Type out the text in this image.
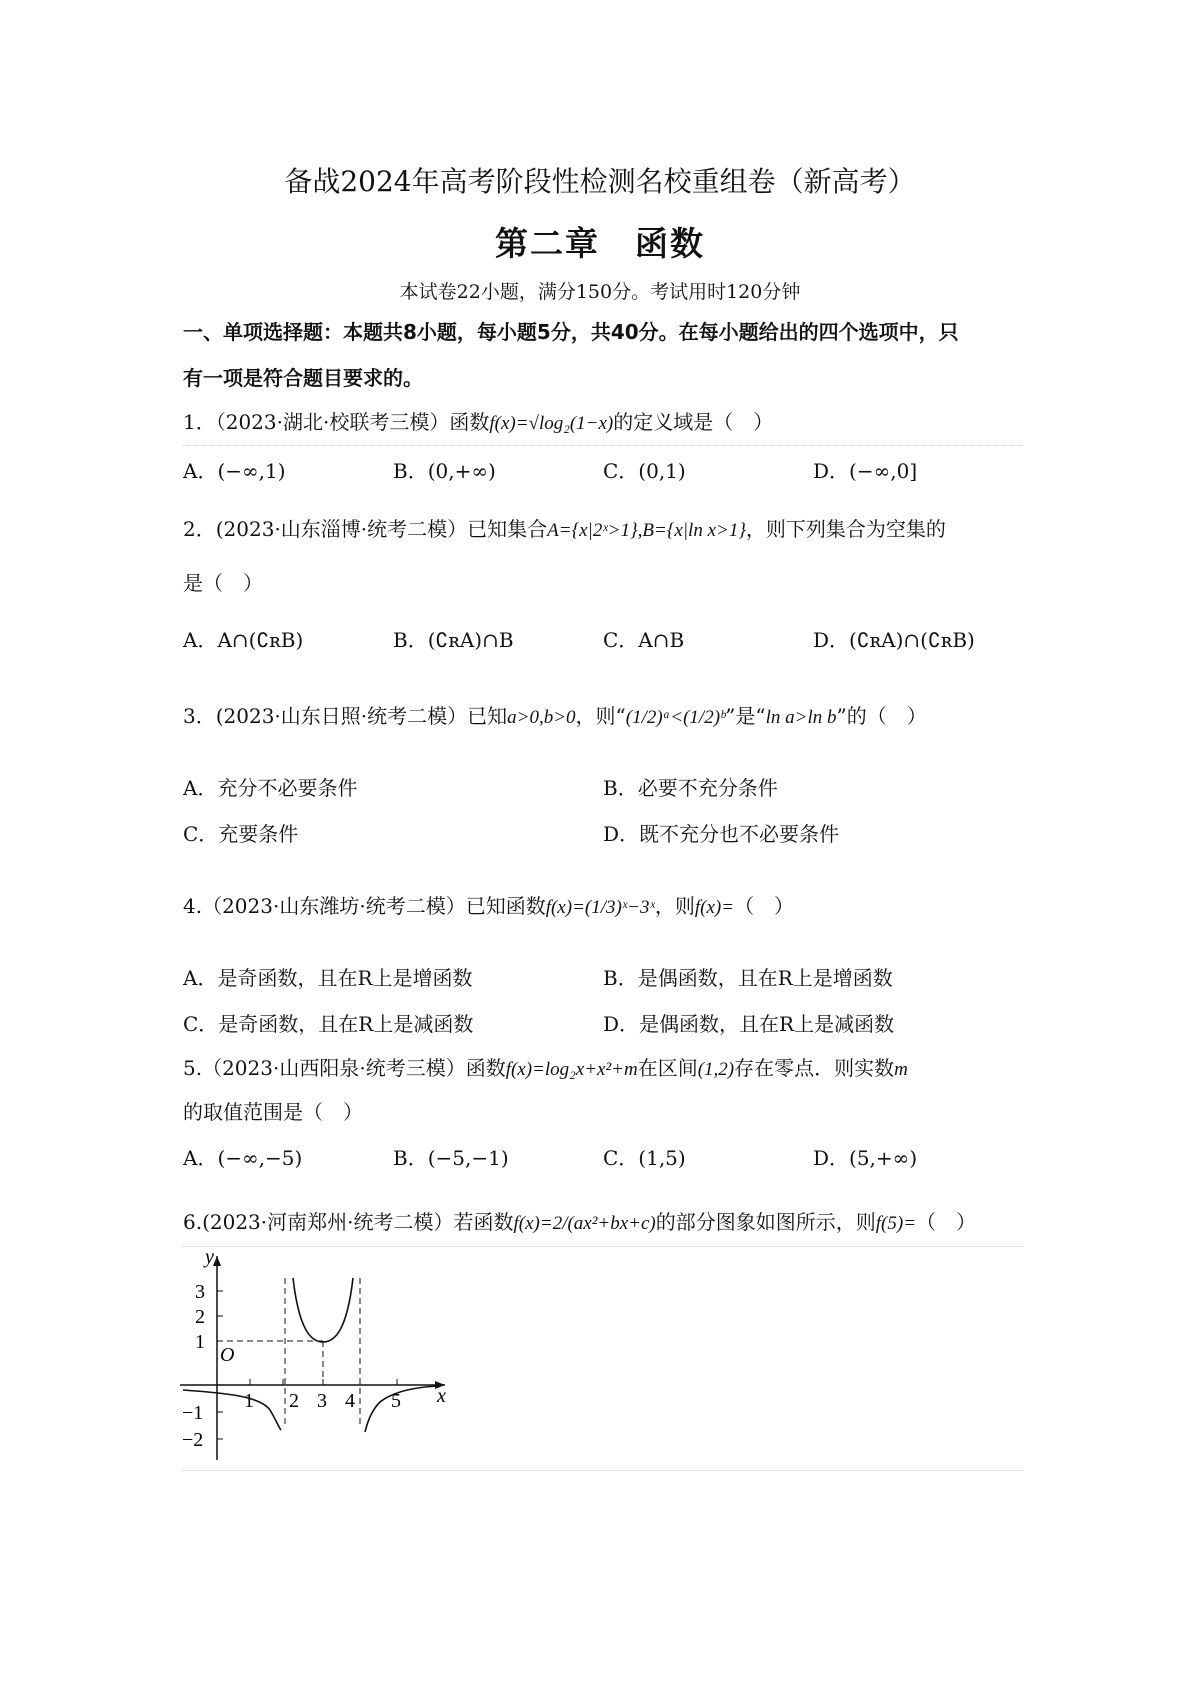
备战2024年高考阶段性检测名校重组卷（新高考）
第二章　函数
本试卷22小题，满分150分。考试用时120分钟
一、单项选择题：本题共8小题，每小题5分，共40分。在每小题给出的四个选项中，只
有一项是符合题目要求的。
1．（2023·湖北·校联考三模）函数f(x)=√log₂(1−x)的定义域是（　）
A．(−∞,1)	B．(0,+∞)	C．(0,1)	D．(−∞,0]
2．(2023·山东淄博·统考二模）已知集合A={x|2ˣ>1},B={x|ln x>1}，则下列集合为空集的
是（　）
A．A∩(∁ʀB)	B．(∁ʀA)∩B	C．A∩B	D．(∁ʀA)∩(∁ʀB)
3．(2023·山东日照·统考二模）已知a>0,b>0，则“(1/2)ᵃ<(1/2)ᵇ”是“ln a>ln b”的（　）
A．充分不必要条件	B．必要不充分条件
C．充要条件	D．既不充分也不必要条件
4.（2023·山东潍坊·统考二模）已知函数f(x)=(1/3)ˣ−3ˣ，则f(x)=（　）
A．是奇函数，且在R上是增函数	B．是偶函数，且在R上是增函数
C．是奇函数，且在R上是减函数	D．是偶函数，且在R上是减函数
5.（2023·山西阳泉·统考三模）函数f(x)=log₂x+x²+m在区间(1,2)存在零点．则实数m
的取值范围是（　）
A．(−∞,−5)	B．(−5,−1)	C．(1,5)	D．(5,+∞)
6.(2023·河南郑州·统考二模）若函数f(x)=2/(ax²+bx+c)的部分图象如图所示，则f(5)=（　）
y
x
O
3
2
1
−1
−2
1 2 3 4 5
